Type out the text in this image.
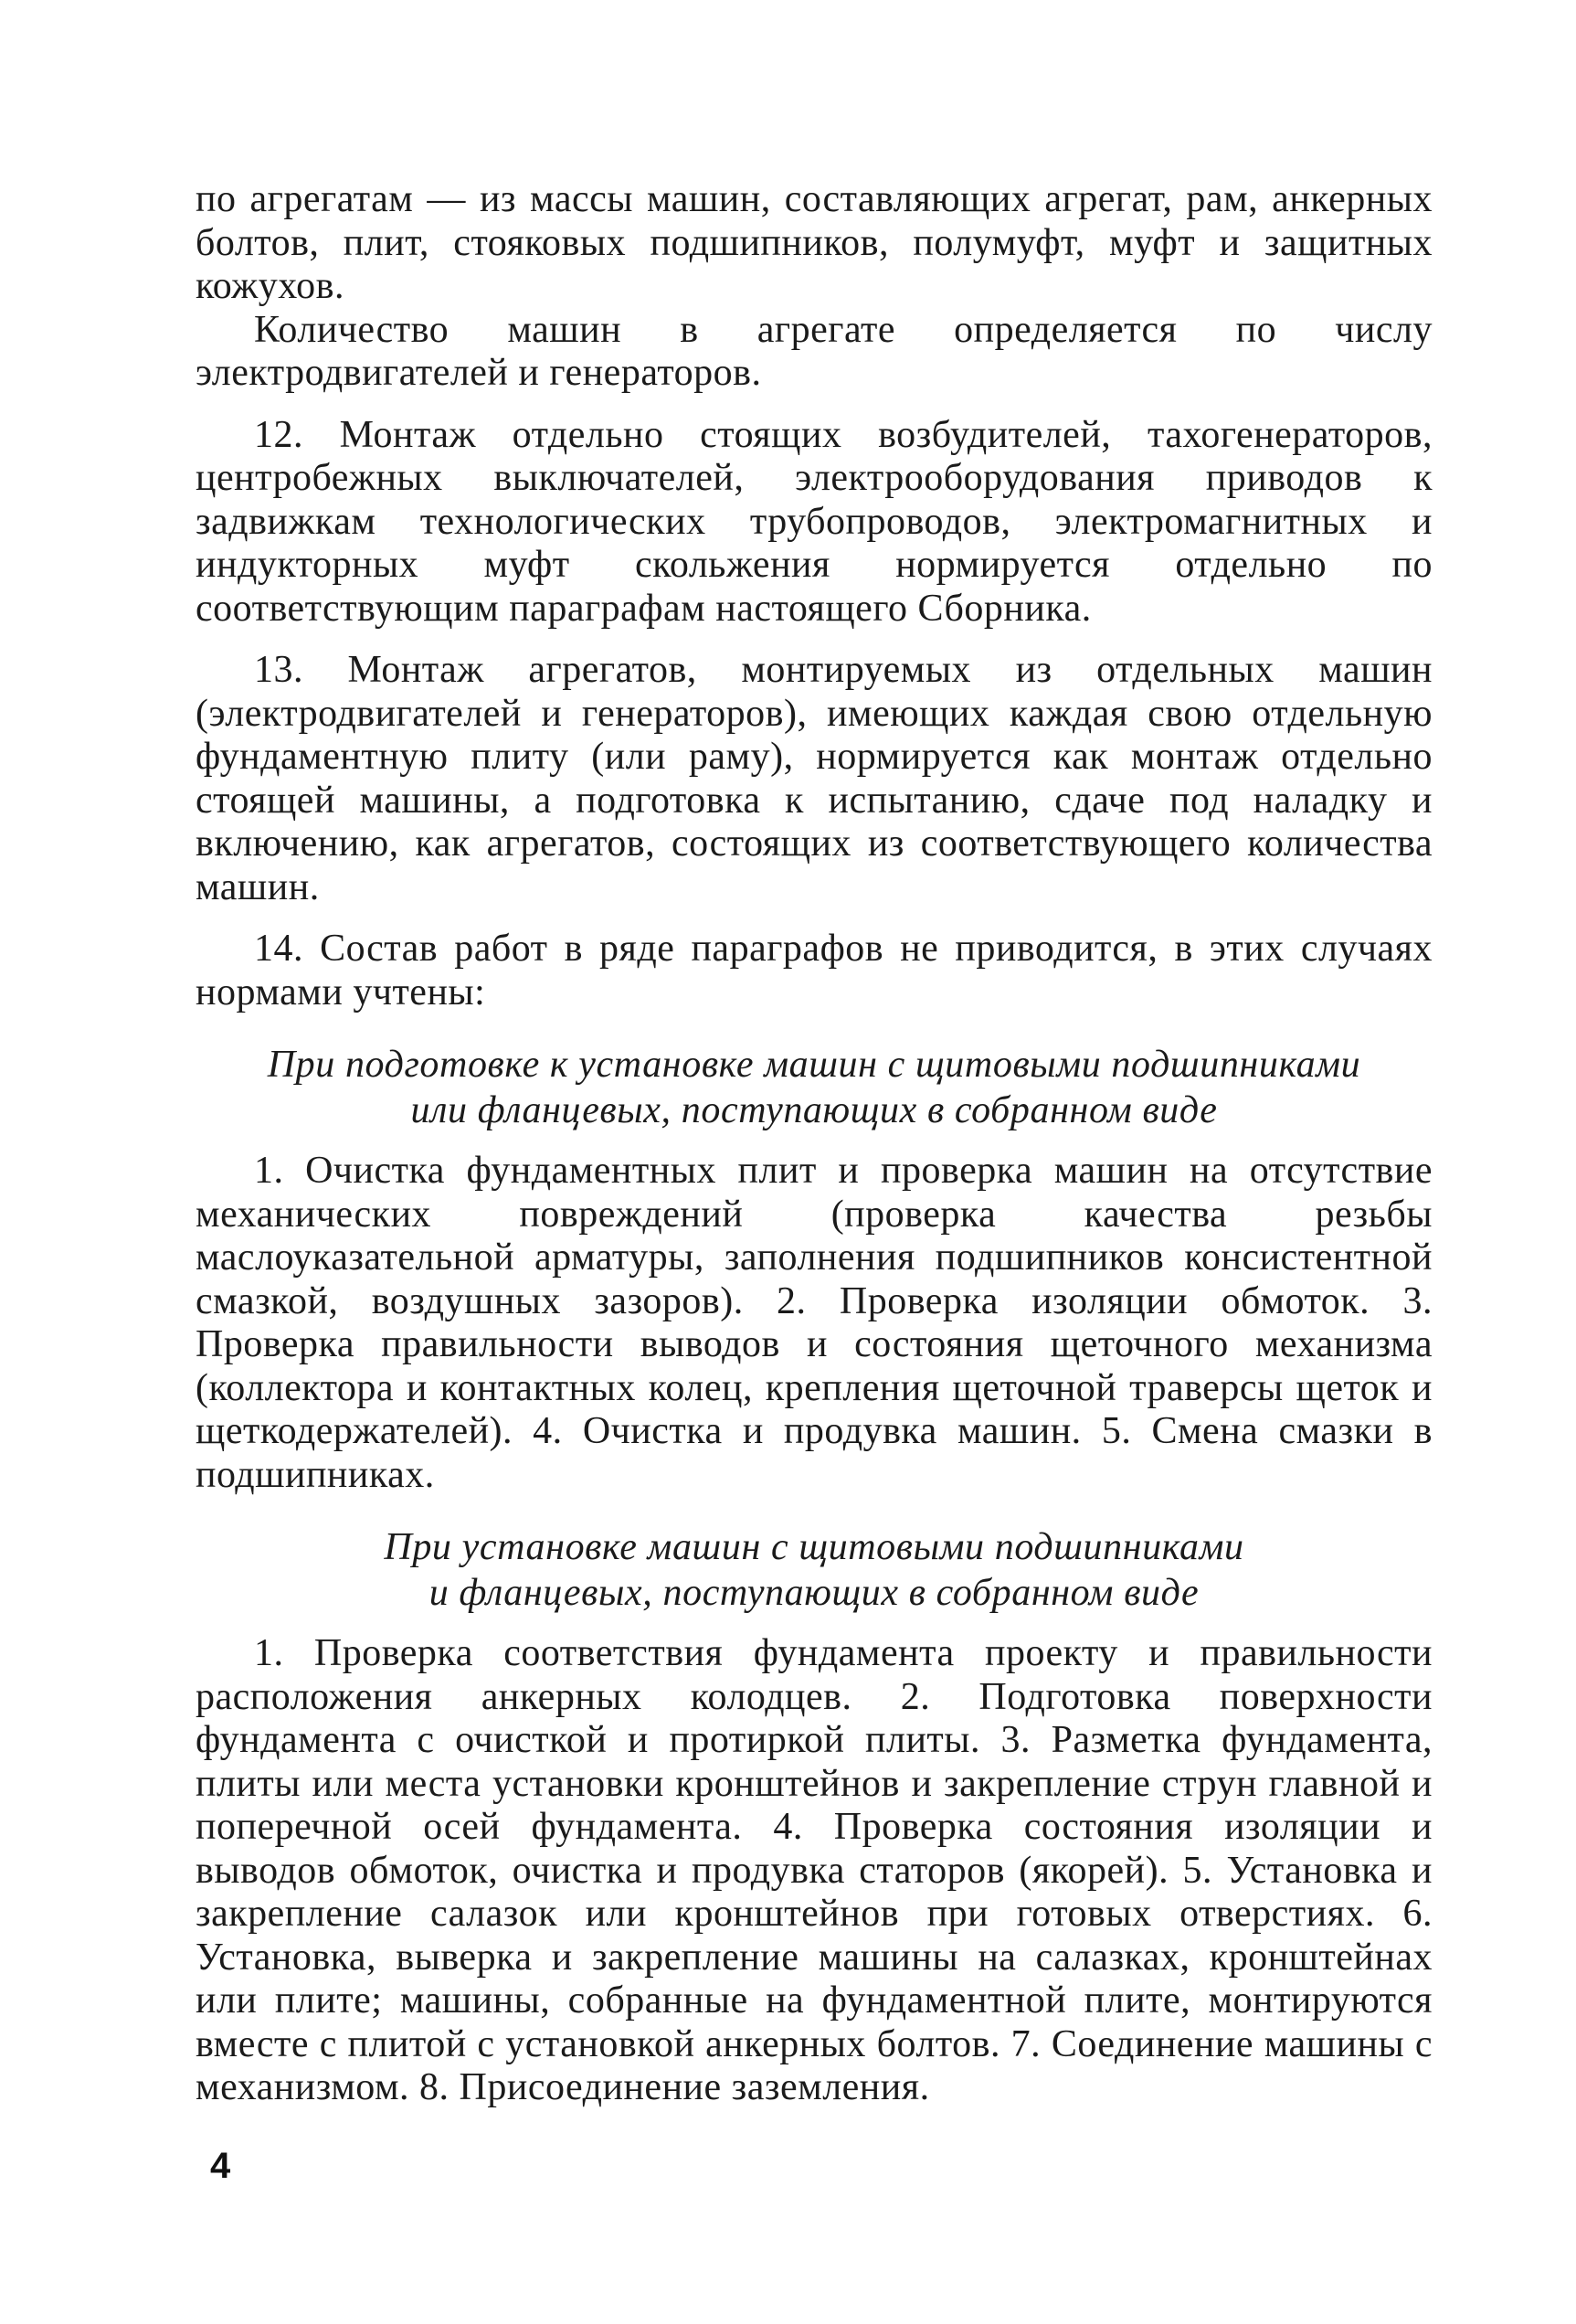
по агрегатам — из массы машин, составляющих агрегат, рам, анкерных болтов, плит, стояковых подшипников, полумуфт, муфт и защитных кожухов.

Количество машин в агрегате определяется по числу электродвигателей и генераторов.

12. Монтаж отдельно стоящих возбудителей, тахогенераторов, центробежных выключателей, электрооборудования приводов к задвижкам технологических трубопроводов, электромагнитных и индукторных муфт скольжения нормируется отдельно по соответствующим параграфам настоящего Сборника.

13. Монтаж агрегатов, монтируемых из отдельных машин (электродвигателей и генераторов), имеющих каждая свою отдельную фундаментную плиту (или раму), нормируется как монтаж отдельно стоящей машины, а подготовка к испытанию, сдаче под наладку и включению, как агрегатов, состоящих из соответствующего количества машин.

14. Состав работ в ряде параграфов не приводится, в этих случаях нормами учтены:

При подготовке к установке машин с щитовыми подшипниками
или фланцевых, поступающих в собранном виде

1. Очистка фундаментных плит и проверка машин на отсутствие механических повреждений (проверка качества резьбы маслоуказательной арматуры, заполнения подшипников консистентной смазкой, воздушных зазоров). 2. Проверка изоляции обмоток. 3. Проверка правильности выводов и состояния щеточного механизма (коллектора и контактных колец, крепления щеточной траверсы щеток и щеткодержателей). 4. Очистка и продувка машин. 5. Смена смазки в подшипниках.

При установке машин с щитовыми подшипниками
и фланцевых, поступающих в собранном виде

1. Проверка соответствия фундамента проекту и правильности расположения анкерных колодцев. 2. Подготовка поверхности фундамента с очисткой и протиркой плиты. 3. Разметка фундамента, плиты или места установки кронштейнов и закрепление струн главной и поперечной осей фундамента. 4. Проверка состояния изоляции и выводов обмоток, очистка и продувка статоров (якорей). 5. Установка и закрепление салазок или кронштейнов при готовых отверстиях. 6. Установка, выверка и закрепление машины на салазках, кронштейнах или плите; машины, собранные на фундаментной плите, монтируются вместе с плитой с установкой анкерных болтов. 7. Соединение машины с механизмом. 8. Присоединение заземления.

4
